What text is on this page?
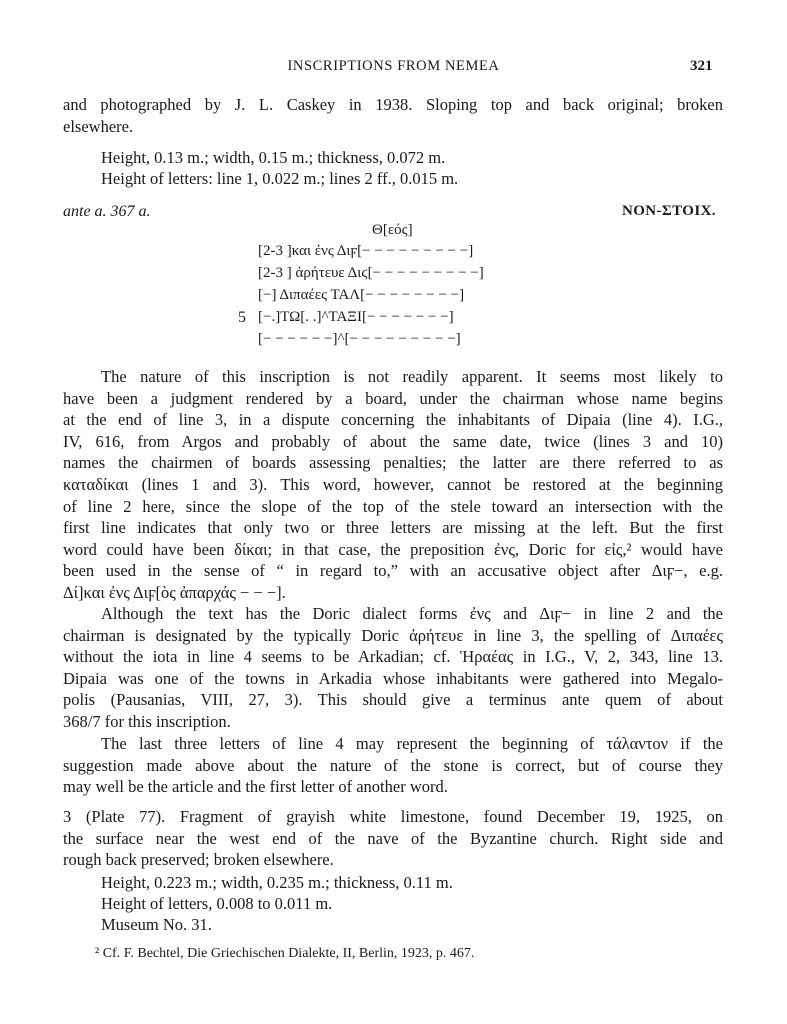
INSCRIPTIONS FROM NEMEA	321
and photographed by J. L. Caskey in 1938. Sloping top and back original; broken
elsewhere.
Height, 0.13 m.; width, 0.15 m.; thickness, 0.072 m.
Height of letters: line 1, 0.022 m.; lines 2 ff., 0.015 m.
ante a. 367 a.	NON-ΣΤΟΙΧ.
Θ[εός]
[2-3 ]και ἐνς Διϝ[− − − − − − − − −]
[2-3 ] ἀρήτευε Διϛ[− − − − − − − − −]
[−] Διπαέες ΤΑΛ[− − − − − − − −]
5 [−.]ΤΩ[. .]^ΤΑΞΙ[− − − − − − −]
[− − − − − −]^[− − − − − − − − −]
The nature of this inscription is not readily apparent. It seems most likely to
have been a judgment rendered by a board, under the chairman whose name begins
at the end of line 3, in a dispute concerning the inhabitants of Dipaia (line 4). I.G.,
IV, 616, from Argos and probably of about the same date, twice (lines 3 and 10)
names the chairmen of boards assessing penalties; the latter are there referred to as
καταδίκαι (lines 1 and 3). This word, however, cannot be restored at the beginning
of line 2 here, since the slope of the top of the stele toward an intersection with the
first line indicates that only two or three letters are missing at the left. But the first
word could have been δίκαι; in that case, the preposition ἐνς, Doric for εἰς,² would have
been used in the sense of “ in regard to,” with an accusative object after Διϝ−, e.g.
Δί]και ἐνς Διϝ[ὸς ἀπαρχάς − − −].
Although the text has the Doric dialect forms ἐνς and Διϝ− in line 2 and the
chairman is designated by the typically Doric ἀρήτευε in line 3, the spelling of Διπαέες
without the iota in line 4 seems to be Arkadian; cf. Ἡραέας in I.G., V, 2, 343, line 13.
Dipaia was one of the towns in Arkadia whose inhabitants were gathered into Megalo-
polis (Pausanias, VIII, 27, 3). This should give a terminus ante quem of about
368/7 for this inscription.
The last three letters of line 4 may represent the beginning of τάλαντον if the
suggestion made above about the nature of the stone is correct, but of course they
may well be the article and the first letter of another word.
3 (Plate 77). Fragment of grayish white limestone, found December 19, 1925, on
the surface near the west end of the nave of the Byzantine church. Right side and
rough back preserved; broken elsewhere.
Height, 0.223 m.; width, 0.235 m.; thickness, 0.11 m.
Height of letters, 0.008 to 0.011 m.
Museum No. 31.
² Cf. F. Bechtel, Die Griechischen Dialekte, II, Berlin, 1923, p. 467.
